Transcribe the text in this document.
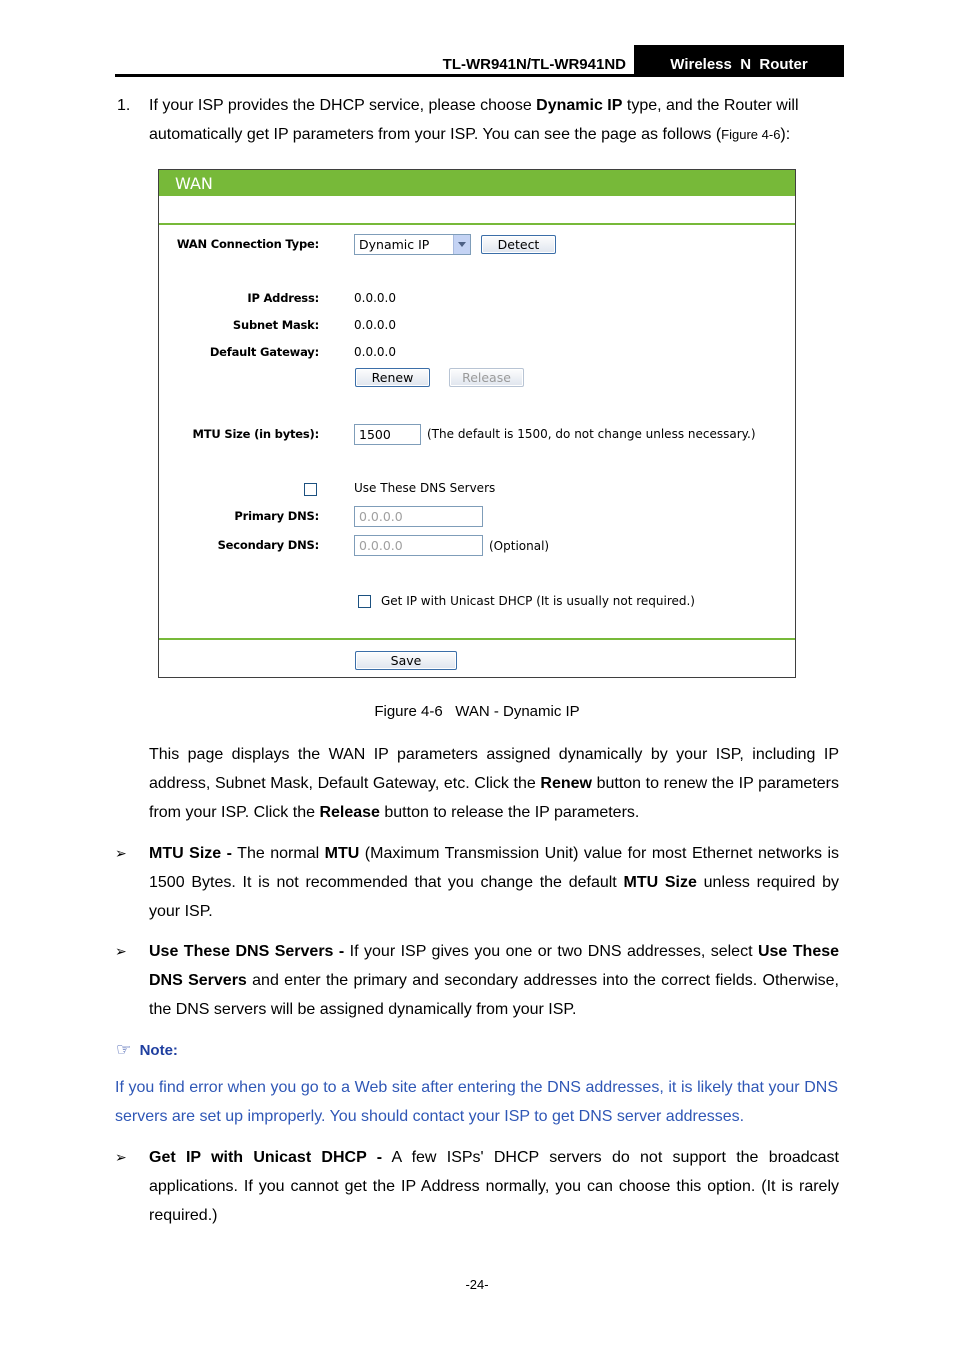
TL-WR941N/TL-WR941ND	Wireless  N  Router
1. If your ISP provides the DHCP service, please choose Dynamic IP type, and the Router will automatically get IP parameters from your ISP. You can see the page as follows (Figure 4-6):
WAN
WAN Connection Type:	Dynamic IP	Detect
IP Address:	0.0.0.0
Subnet Mask:	0.0.0.0
Default Gateway:	0.0.0.0
Renew	Release
MTU Size (in bytes):	1500	(The default is 1500, do not change unless necessary.)
Use These DNS Servers
Primary DNS:	0.0.0.0
Secondary DNS:	0.0.0.0	(Optional)
Get IP with Unicast DHCP (It is usually not required.)
Save
Figure 4-6 WAN - Dynamic IP
This page displays the WAN IP parameters assigned dynamically by your ISP, including IP address, Subnet Mask, Default Gateway, etc. Click the Renew button to renew the IP parameters from your ISP. Click the Release button to release the IP parameters.
➢ MTU Size - The normal MTU (Maximum Transmission Unit) value for most Ethernet networks is 1500 Bytes. It is not recommended that you change the default MTU Size unless required by your ISP.
➢ Use These DNS Servers - If your ISP gives you one or two DNS addresses, select Use These DNS Servers and enter the primary and secondary addresses into the correct fields. Otherwise, the DNS servers will be assigned dynamically from your ISP.
☞ Note:
If you find error when you go to a Web site after entering the DNS addresses, it is likely that your DNS servers are set up improperly. You should contact your ISP to get DNS server addresses.
➢ Get IP with Unicast DHCP - A few ISPs' DHCP servers do not support the broadcast applications. If you cannot get the IP Address normally, you can choose this option. (It is rarely required.)
-24-
